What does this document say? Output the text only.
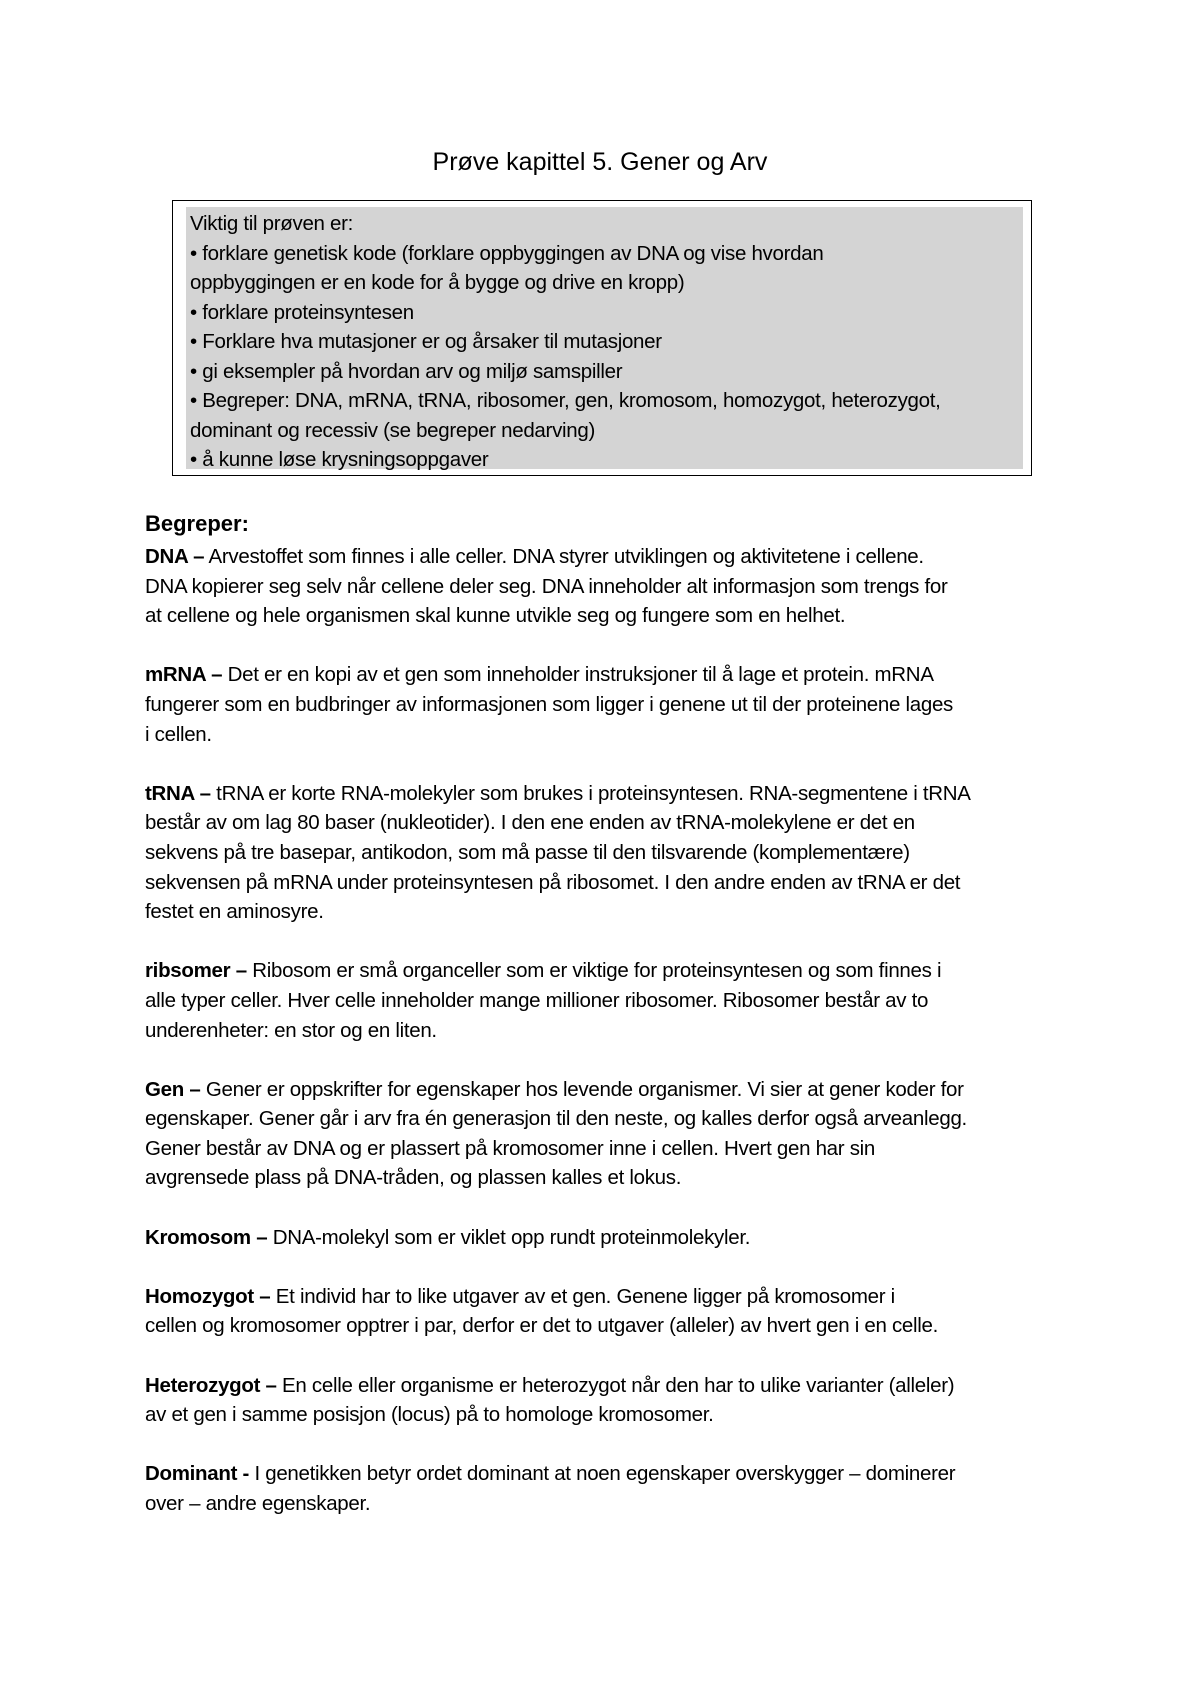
Prøve kapittel 5. Gener og Arv
Viktig til prøven er:
• forklare genetisk kode (forklare oppbyggingen av DNA og vise hvordan
oppbyggingen er en kode for å bygge og drive en kropp)
• forklare proteinsyntesen
• Forklare hva mutasjoner er og årsaker til mutasjoner
• gi eksempler på hvordan arv og miljø samspiller
• Begreper: DNA, mRNA, tRNA, ribosomer, gen, kromosom, homozygot, heterozygot,
dominant og recessiv (se begreper nedarving)
• å kunne løse krysningsoppgaver
Begreper:
DNA – Arvestoffet som finnes i alle celler. DNA styrer utviklingen og aktivitetene i cellene.
DNA kopierer seg selv når cellene deler seg. DNA inneholder alt informasjon som trengs for
at cellene og hele organismen skal kunne utvikle seg og fungere som en helhet.
mRNA – Det er en kopi av et gen som inneholder instruksjoner til å lage et protein. mRNA
fungerer som en budbringer av informasjonen som ligger i genene ut til der proteinene lages
i cellen.
tRNA – tRNA er korte RNA-molekyler som brukes i proteinsyntesen. RNA-segmentene i tRNA
består av om lag 80 baser (nukleotider). I den ene enden av tRNA-molekylene er det en
sekvens på tre basepar, antikodon, som må passe til den tilsvarende (komplementære)
sekvensen på mRNA under proteinsyntesen på ribosomet. I den andre enden av tRNA er det
festet en aminosyre.
ribsomer – Ribosom er små organceller som er viktige for proteinsyntesen og som finnes i
alle typer celler. Hver celle inneholder mange millioner ribosomer. Ribosomer består av to
underenheter: en stor og en liten.
Gen – Gener er oppskrifter for egenskaper hos levende organismer. Vi sier at gener koder for
egenskaper. Gener går i arv fra én generasjon til den neste, og kalles derfor også arveanlegg.
Gener består av DNA og er plassert på kromosomer inne i cellen. Hvert gen har sin
avgrensede plass på DNA-tråden, og plassen kalles et lokus.
Kromosom – DNA-molekyl som er viklet opp rundt proteinmolekyler.
Homozygot – Et individ har to like utgaver av et gen. Genene ligger på kromosomer i
cellen og kromosomer opptrer i par, derfor er det to utgaver (alleler) av hvert gen i en celle.
Heterozygot – En celle eller organisme er heterozygot når den har to ulike varianter (alleler)
av et gen i samme posisjon (locus) på to homologe kromosomer.
Dominant - I genetikken betyr ordet dominant at noen egenskaper overskygger – dominerer
over – andre egenskaper.
